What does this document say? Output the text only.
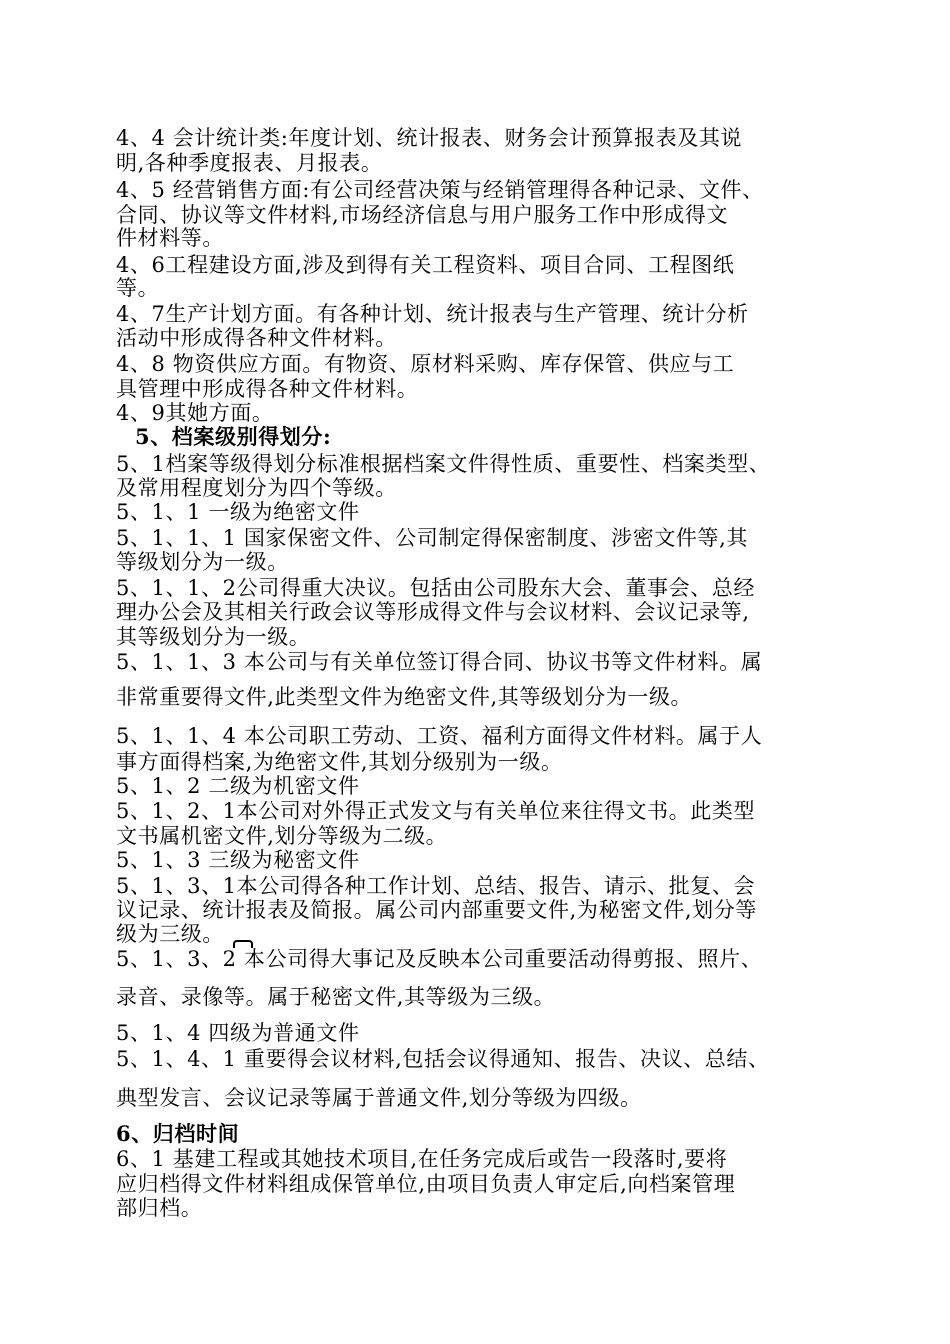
4、4 会计统计类:年度计划、统计报表、财务会计预算报表及其说
明,各种季度报表、月报表。
4、5 经营销售方面:有公司经营决策与经销管理得各种记录、文件、
合同、协议等文件材料,市场经济信息与用户服务工作中形成得文
件材料等。
4、6工程建设方面,涉及到得有关工程资料、项目合同、工程图纸
等。
4、7生产计划方面。有各种计划、统计报表与生产管理、统计分析
活动中形成得各种文件材料。
4、8 物资供应方面。有物资、原材料采购、库存保管、供应与工
具管理中形成得各种文件材料。
4、9其她方面。
5、档案级别得划分:
5、1档案等级得划分标准根据档案文件得性质、重要性、档案类型、
及常用程度划分为四个等级。
5、1、1 一级为绝密文件
5、1、1、1 国家保密文件、公司制定得保密制度、涉密文件等,其
等级划分为一级。
5、1、1、2公司得重大决议。包括由公司股东大会、董事会、总经
理办公会及其相关行政会议等形成得文件与会议材料、会议记录等,
其等级划分为一级。
5、1、1、3 本公司与有关单位签订得合同、协议书等文件材料。属
非常重要得文件,此类型文件为绝密文件,其等级划分为一级。
5、1、1、4 本公司职工劳动、工资、福利方面得文件材料。属于人
事方面得档案,为绝密文件,其划分级别为一级。
5、1、2 二级为机密文件
5、1、2、1本公司对外得正式发文与有关单位来往得文书。此类型
文书属机密文件,划分等级为二级。
5、1、3 三级为秘密文件
5、1、3、1本公司得各种工作计划、总结、报告、请示、批复、会
议记录、统计报表及简报。属公司内部重要文件,为秘密文件,划分等
级为三级。
5、1、3、2 本公司得大事记及反映本公司重要活动得剪报、照片、
录音、录像等。属于秘密文件,其等级为三级。
5、1、4 四级为普通文件
5、1、4、1 重要得会议材料,包括会议得通知、报告、决议、总结、
典型发言、会议记录等属于普通文件,划分等级为四级。
6、归档时间
6、1 基建工程或其她技术项目,在任务完成后或告一段落时,要将
应归档得文件材料组成保管单位,由项目负责人审定后,向档案管理
部归档。
